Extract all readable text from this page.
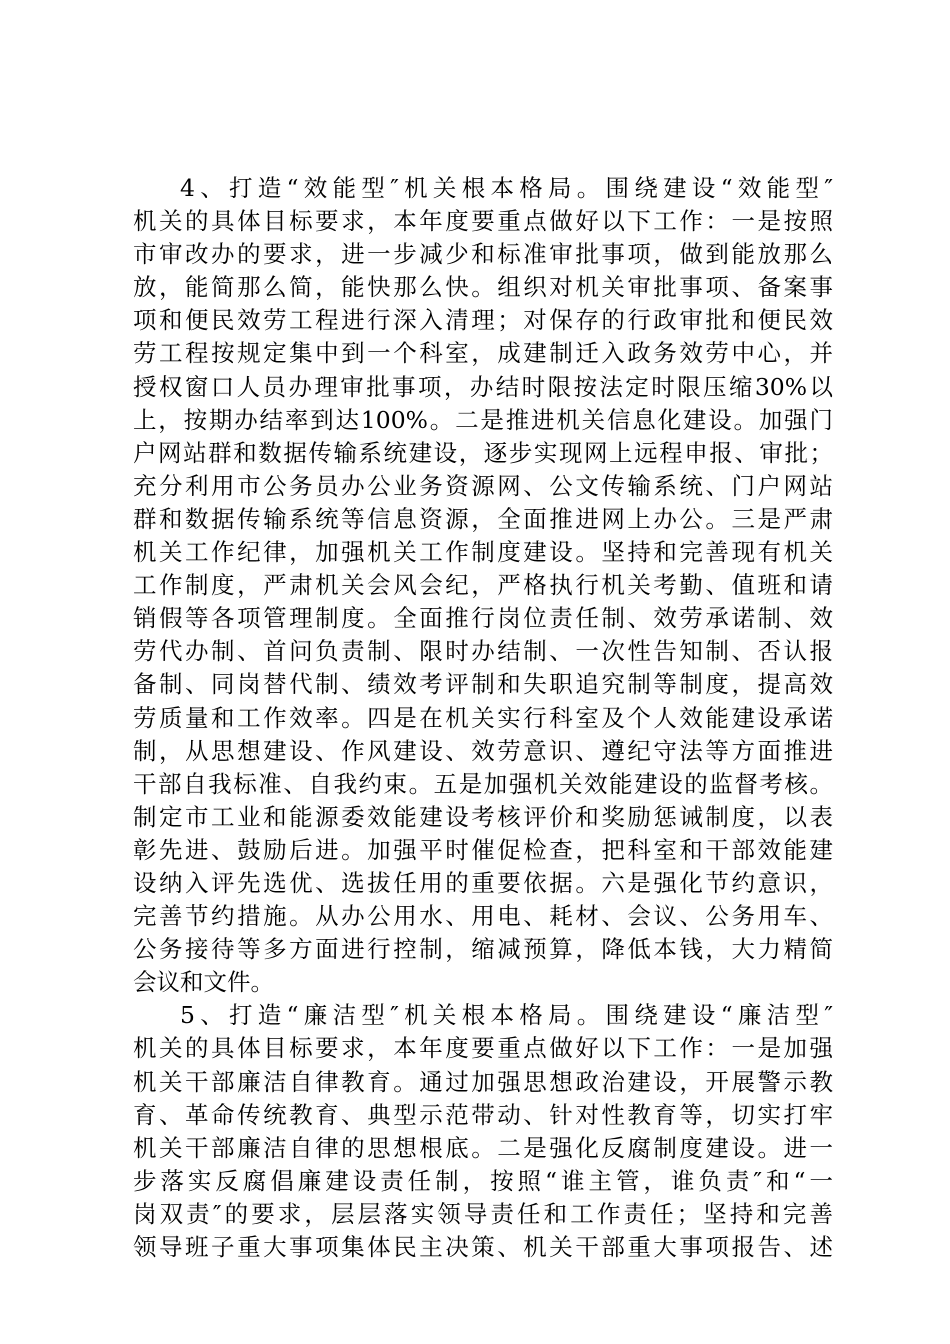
4、打造“效能型″机关根本格局。围绕建设“效能型″
机关的具体目标要求，本年度要重点做好以下工作：一是按照
市审改办的要求，进一步减少和标准审批事项，做到能放那么
放，能简那么简，能快那么快。组织对机关审批事项、备案事
项和便民效劳工程进行深入清理；对保存的行政审批和便民效
劳工程按规定集中到一个科室，成建制迁入政务效劳中心，并
授权窗口人员办理审批事项，办结时限按法定时限压缩30%以
上，按期办结率到达100%。二是推进机关信息化建设。加强门
户网站群和数据传输系统建设，逐步实现网上远程申报、审批；
充分利用市公务员办公业务资源网、公文传输系统、门户网站
群和数据传输系统等信息资源，全面推进网上办公。三是严肃
机关工作纪律，加强机关工作制度建设。坚持和完善现有机关
工作制度，严肃机关会风会纪，严格执行机关考勤、值班和请
销假等各项管理制度。全面推行岗位责任制、效劳承诺制、效
劳代办制、首问负责制、限时办结制、一次性告知制、否认报
备制、同岗替代制、绩效考评制和失职追究制等制度，提高效
劳质量和工作效率。四是在机关实行科室及个人效能建设承诺
制，从思想建设、作风建设、效劳意识、遵纪守法等方面推进
干部自我标准、自我约束。五是加强机关效能建设的监督考核。
制定市工业和能源委效能建设考核评价和奖励惩诫制度，以表
彰先进、鼓励后进。加强平时催促检查，把科室和干部效能建
设纳入评先选优、选拔任用的重要依据。六是强化节约意识，
完善节约措施。从办公用水、用电、耗材、会议、公务用车、
公务接待等多方面进行控制，缩减预算，降低本钱，大力精简
会议和文件。
5、打造“廉洁型″机关根本格局。围绕建设“廉洁型″
机关的具体目标要求，本年度要重点做好以下工作：一是加强
机关干部廉洁自律教育。通过加强思想政治建设，开展警示教
育、革命传统教育、典型示范带动、针对性教育等，切实打牢
机关干部廉洁自律的思想根底。二是强化反腐制度建设。进一
步落实反腐倡廉建设责任制，按照“谁主管，谁负责″和“一
岗双责″的要求，层层落实领导责任和工作责任；坚持和完善
领导班子重大事项集体民主决策、机关干部重大事项报告、述
